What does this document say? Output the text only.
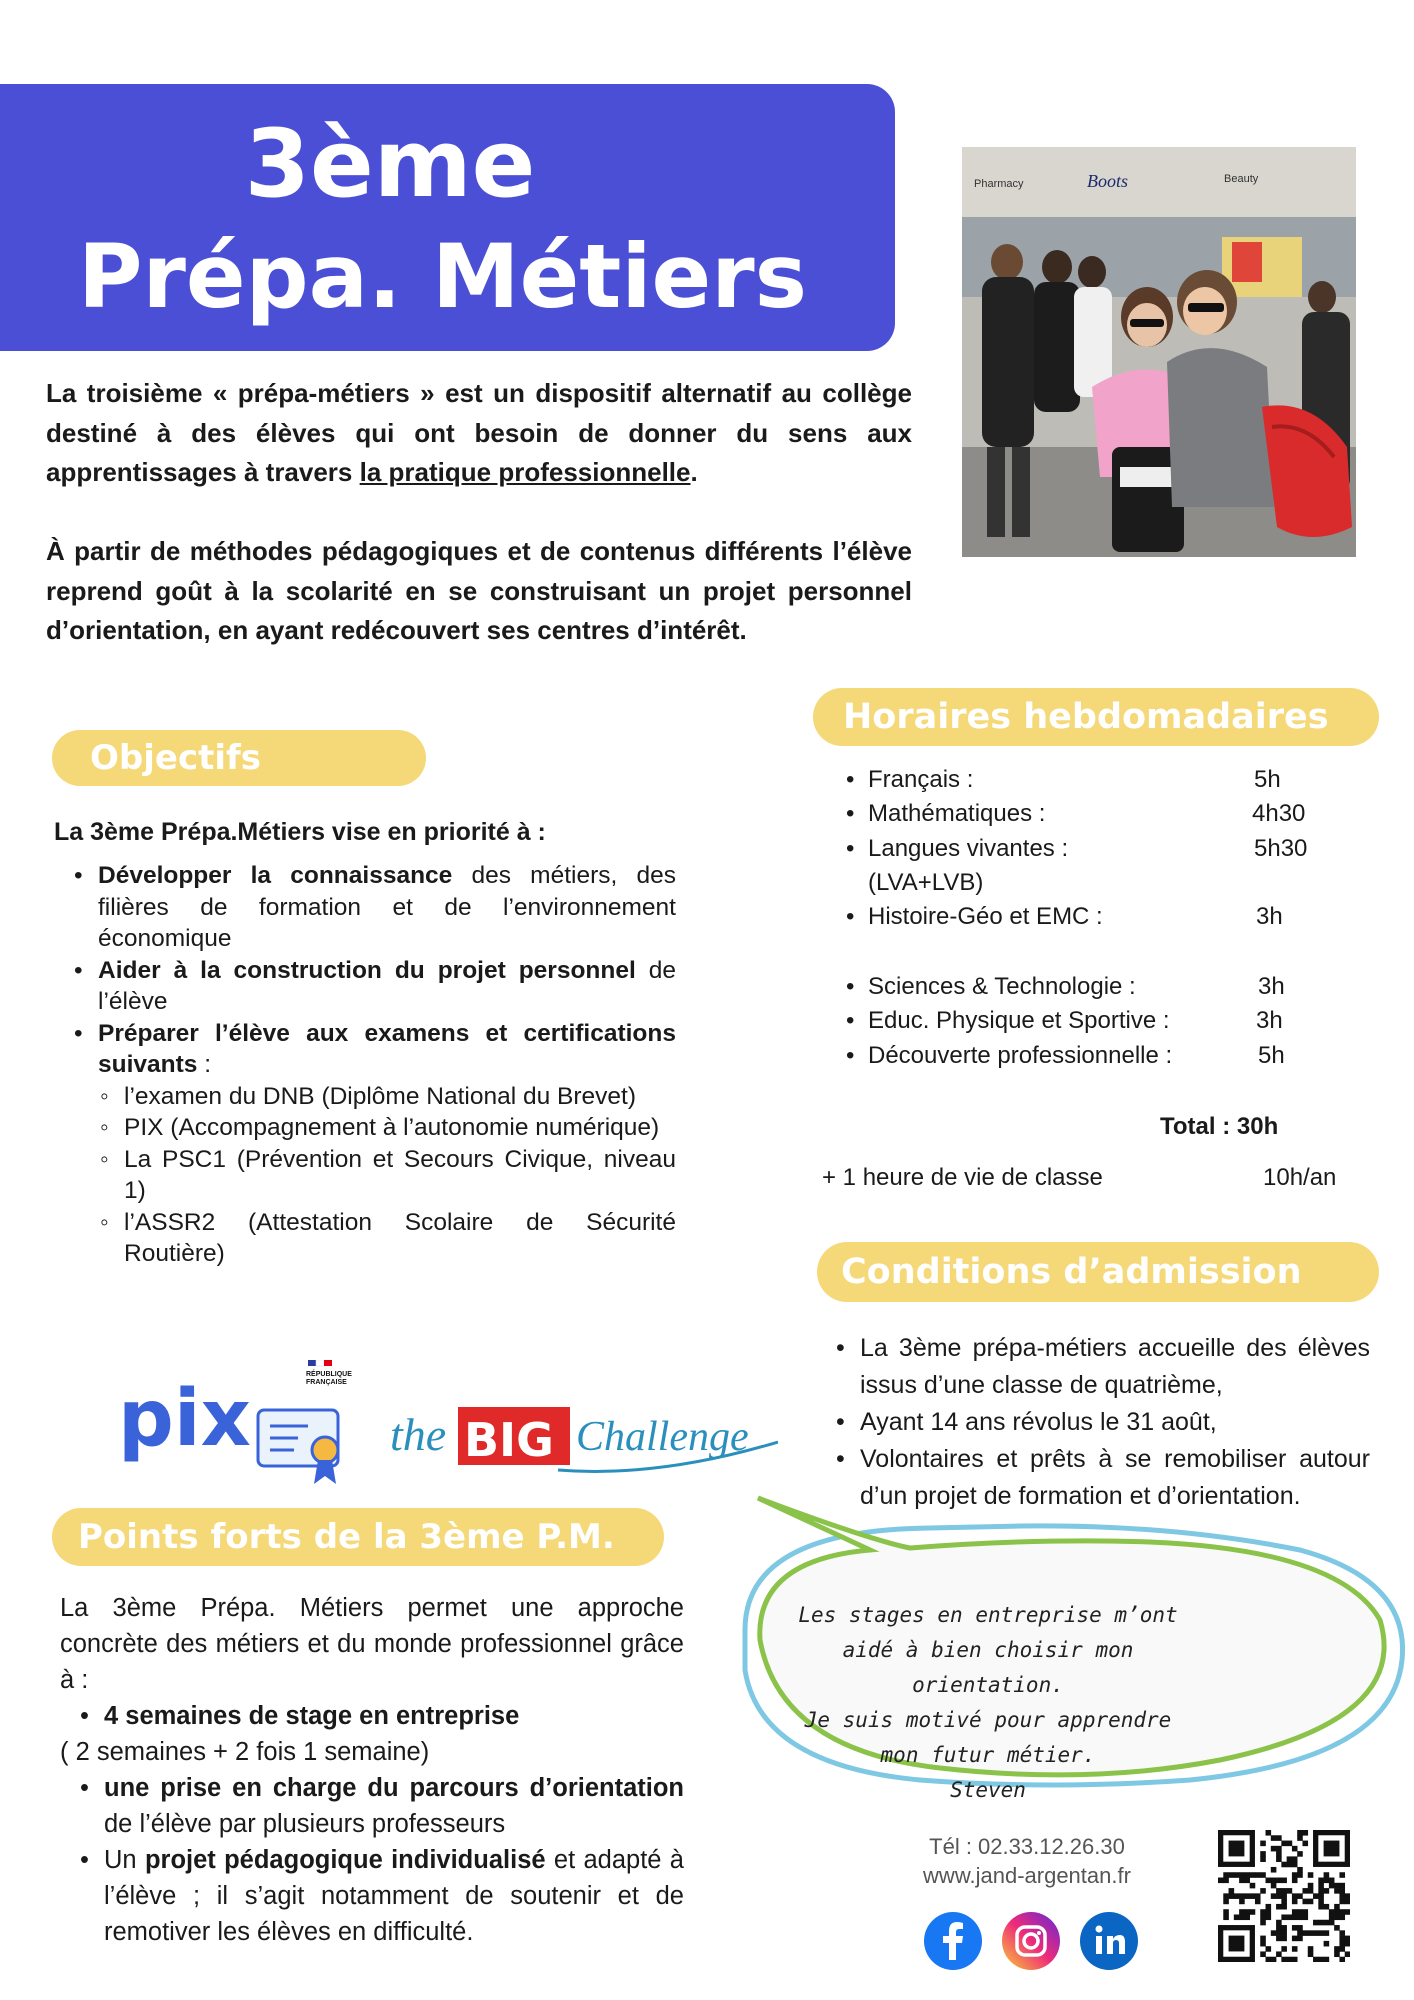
3ème
Prépa. Métiers
Pharmacy	Boots	Beauty
La troisième « prépa-métiers » est un dispositif alternatif au collège destiné à des élèves qui ont besoin de donner du sens aux apprentissages à travers la pratique professionnelle.
À partir de méthodes pédagogiques et de contenus différents l’élève reprend goût à la scolarité en se construisant un projet personnel d’orientation, en ayant redécouvert ses centres d’intérêt.
Objectifs
La 3ème Prépa.Métiers vise en priorité à :
• Développer la connaissance des métiers, des filières de formation et de l’environnement économique
• Aider à la construction du projet personnel de l’élève
• Préparer l’élève aux examens et certifications suivants :
◦ l’examen du DNB (Diplôme National du Brevet)
◦ PIX (Accompagnement à l’autonomie numérique)
◦ La PSC1 (Prévention et Secours Civique, niveau 1)
◦ l’ASSR2 (Attestation Scolaire de Sécurité Routière)
pix	RÉPUBLIQUE
FRANÇAISE
the BIG Challenge
Points forts de la 3ème P.M.
La 3ème Prépa. Métiers permet une approche concrète des métiers et du monde professionnel grâce à :
• 4 semaines de stage en entreprise
( 2 semaines + 2 fois 1 semaine)
• une prise en charge du parcours d’orientation de l’élève par plusieurs professeurs
• Un projet pédagogique individualisé et adapté à l’élève ; il s’agit notamment de soutenir et de remotiver les élèves en difficulté.
Horaires hebdomadaires
• Français :	5h
• Mathématiques :	4h30
• Langues vivantes :	5h30
(LVA+LVB)
• Histoire-Géo et EMC :	3h
• Sciences & Technologie :	3h
• Educ. Physique et Sportive :	3h
• Découverte professionnelle :	5h
Total : 30h
+ 1 heure de vie de classe	10h/an
Conditions d’admission
• La 3ème prépa-métiers accueille des élèves issus d’une classe de quatrième,
• Ayant 14 ans révolus le 31 août,
• Volontaires et prêts à se remobiliser autour d’un projet de formation et d’orientation.
Les stages en entreprise m’ont
aidé à bien choisir mon orientation.
Je suis motivé pour apprendre
mon futur métier.
Steven
Tél : 02.33.12.26.30
www.jand-argentan.fr
